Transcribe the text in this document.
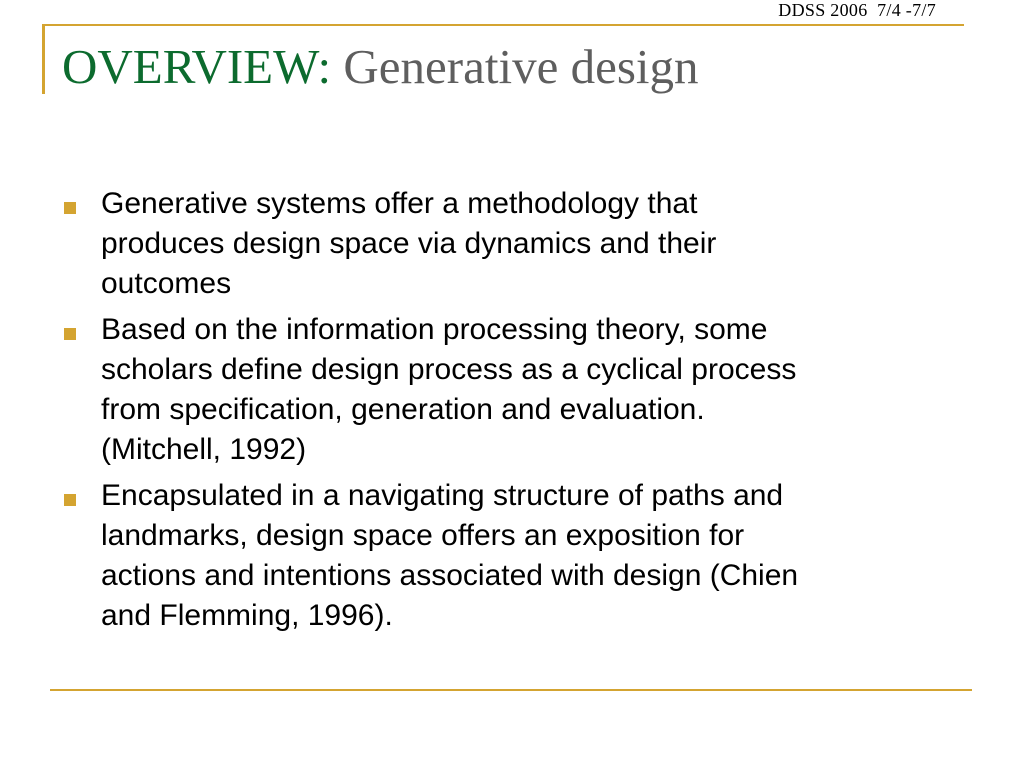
DDSS 2006  7/4 -7/7
OVERVIEW: Generative design
Generative systems offer a methodology that
produces design space via dynamics and their
outcomes
Based on the information processing theory, some
scholars define design process as a cyclical process
from specification, generation and evaluation.
(Mitchell, 1992)
Encapsulated in a navigating structure of paths and
landmarks, design space offers an exposition for
actions and intentions associated with design (Chien
and Flemming, 1996).
